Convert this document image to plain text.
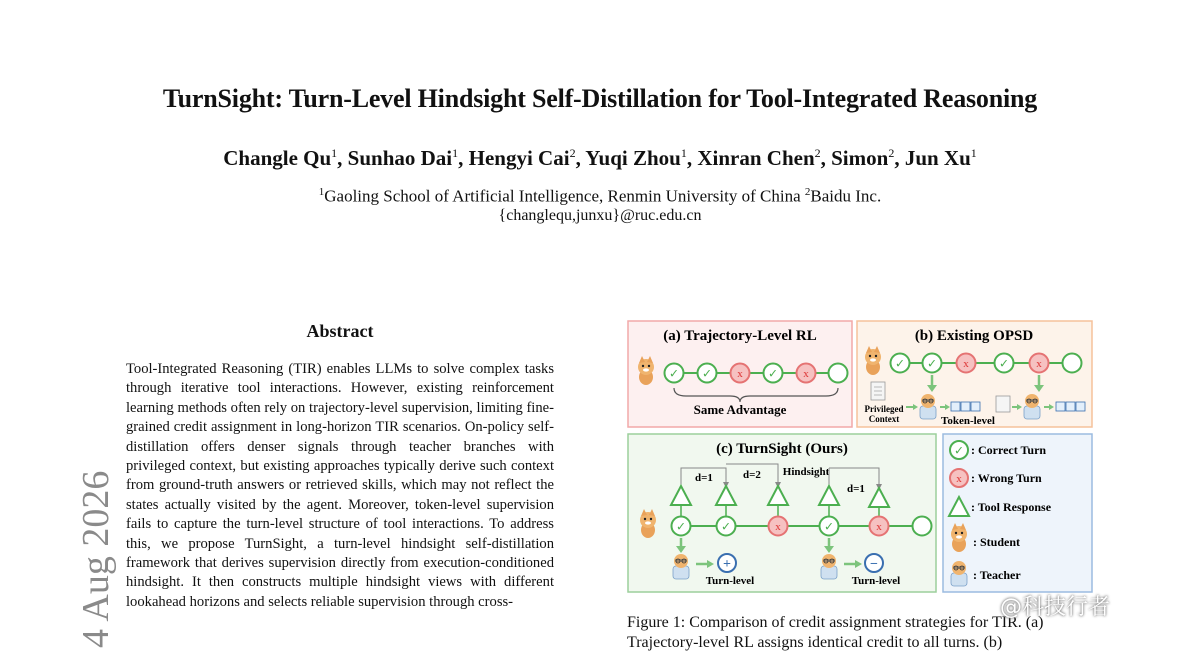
TurnSight: Turn-Level Hindsight Self-Distillation for Tool-Integrated Reasoning
Changle Qu$^1$, Sunhao Dai$^1$, Hengyi Cai$^2$, Yuqi Zhou$^1$, Xinran Chen$^2$, Simon$^2$, Jun Xu$^1$
$^1$Gaoling School of Artificial Intelligence, Renmin University of China $^2$Baidu Inc.
{changlequ,junxu}@ruc.edu.cn
4 Aug 2026
Abstract
Tool-Integrated Reasoning (TIR) enables LLMs to solve complex tasks through iterative tool interactions. However, existing reinforcement learning methods often rely on trajectory-level supervision, limiting fine-grained credit assignment in long-horizon TIR scenarios. On-policy self-distillation offers denser signals through teacher branches with privileged context, but existing approaches typically derive such context from ground-truth answers or retrieved skills, which may not reflect the states actually visited by the agent. Moreover, token-level supervision fails to capture the turn-level structure of tool interactions. To address this, we propose TurnSight, a turn-level hindsight self-distillation framework that derives supervision directly from execution-conditioned hindsight. It then constructs multiple hindsight views with different lookahead horizons and selects reliable supervision through cross-
(a) Trajectory-Level RL
✓ ✓ x ✓ x
Same Advantage
(b) Existing OPSD
✓ ✓ x	✓ x
Privileged
Context	Token-level
(c) TurnSight (Ours)
d=1	d=2 Hindsight
d=1
✓	✓	x	✓	x
+
Turn-level
−
Turn-level
✓ : Correct Turn
x : Wrong Turn
: Tool Response
: Student
: Teacher
Figure 1: Comparison of credit assignment strategies for TIR. (a) Trajectory-level RL assigns identical credit to all turns. (b)
@科技行者
